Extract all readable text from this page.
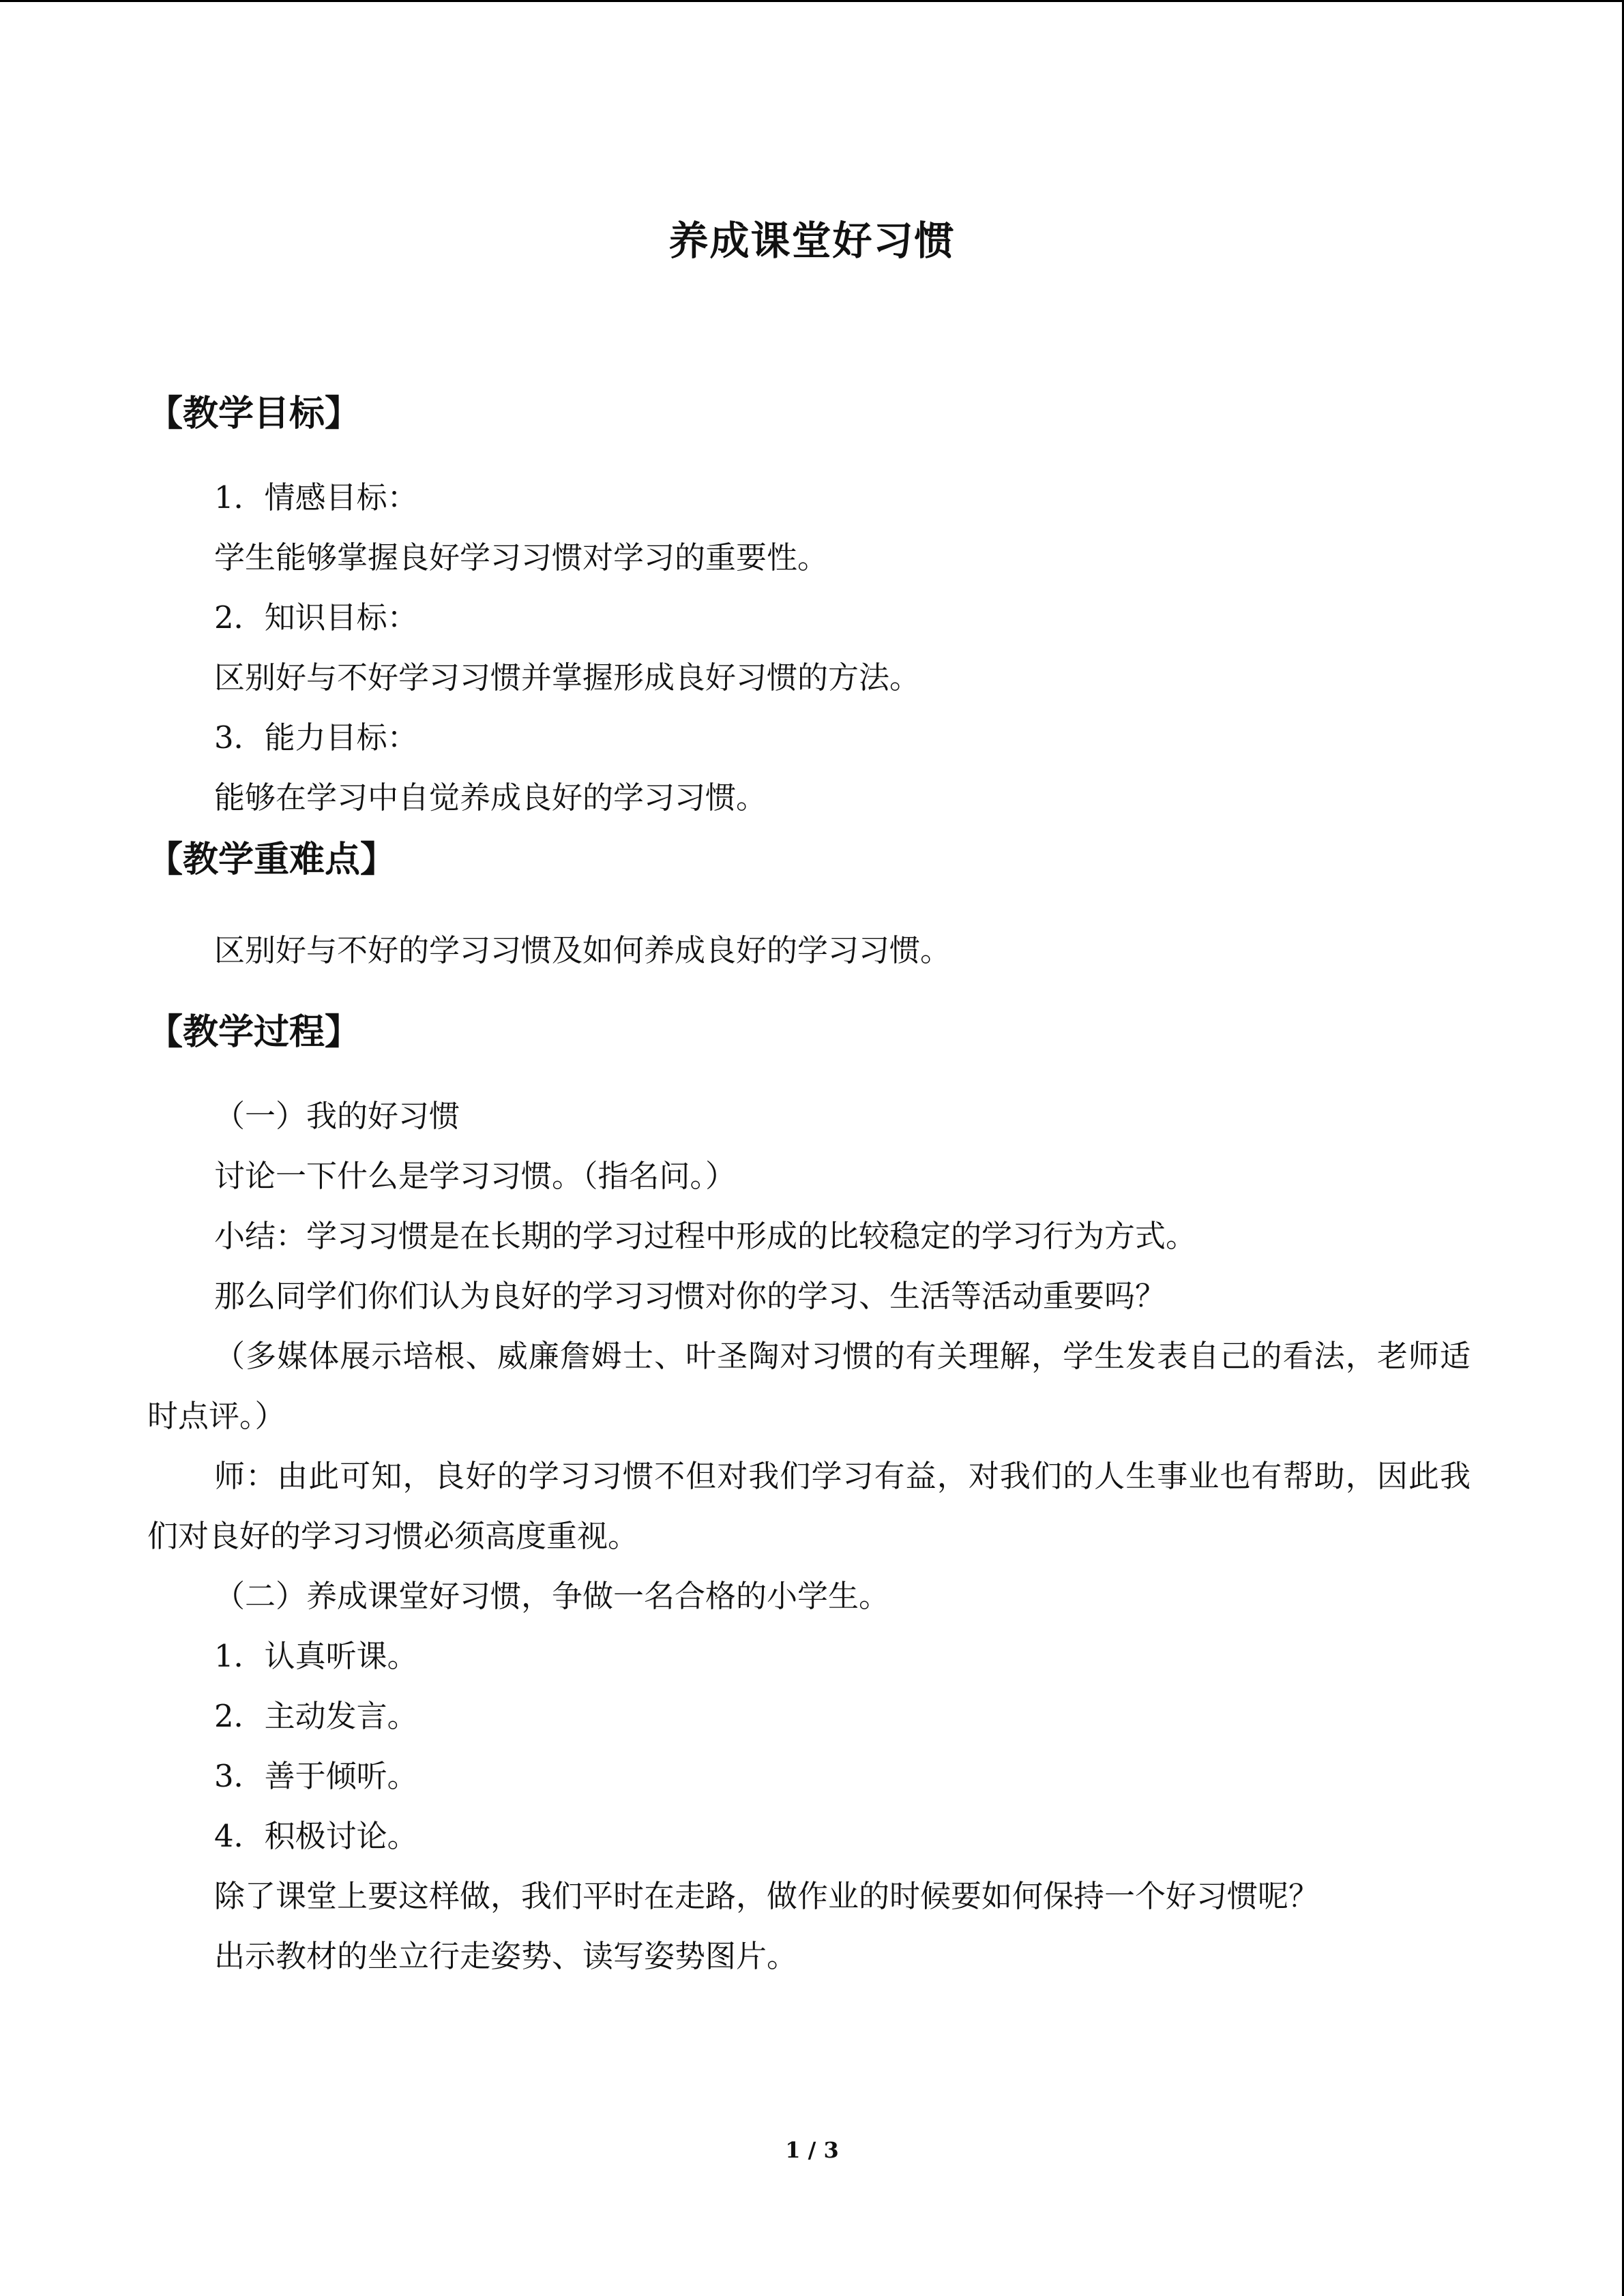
养成课堂好习惯
【教学目标】

1．情感目标：

学生能够掌握良好学习习惯对学习的重要性。

2．知识目标：

区别好与不好学习习惯并掌握形成良好习惯的方法。

3．能力目标：

能够在学习中自觉养成良好的学习习惯。

【教学重难点】

区别好与不好的学习习惯及如何养成良好的学习习惯。

【教学过程】

（一）我的好习惯

讨论一下什么是学习习惯。（指名问。）

小结：学习习惯是在长期的学习过程中形成的比较稳定的学习行为方式。

那么同学们你们认为良好的学习习惯对你的学习、生活等活动重要吗？

（多媒体展示培根、威廉詹姆士、叶圣陶对习惯的有关理解，学生发表自己的看法，老师适时点评。）

师：由此可知，良好的学习习惯不但对我们学习有益，对我们的人生事业也有帮助，因此我们对良好的学习习惯必须高度重视。

（二）养成课堂好习惯，争做一名合格的小学生。

1．认真听课。

2．主动发言。

3．善于倾听。

4．积极讨论。

除了课堂上要这样做，我们平时在走路，做作业的时候要如何保持一个好习惯呢？

出示教材的坐立行走姿势、读写姿势图片。

1 / 3
